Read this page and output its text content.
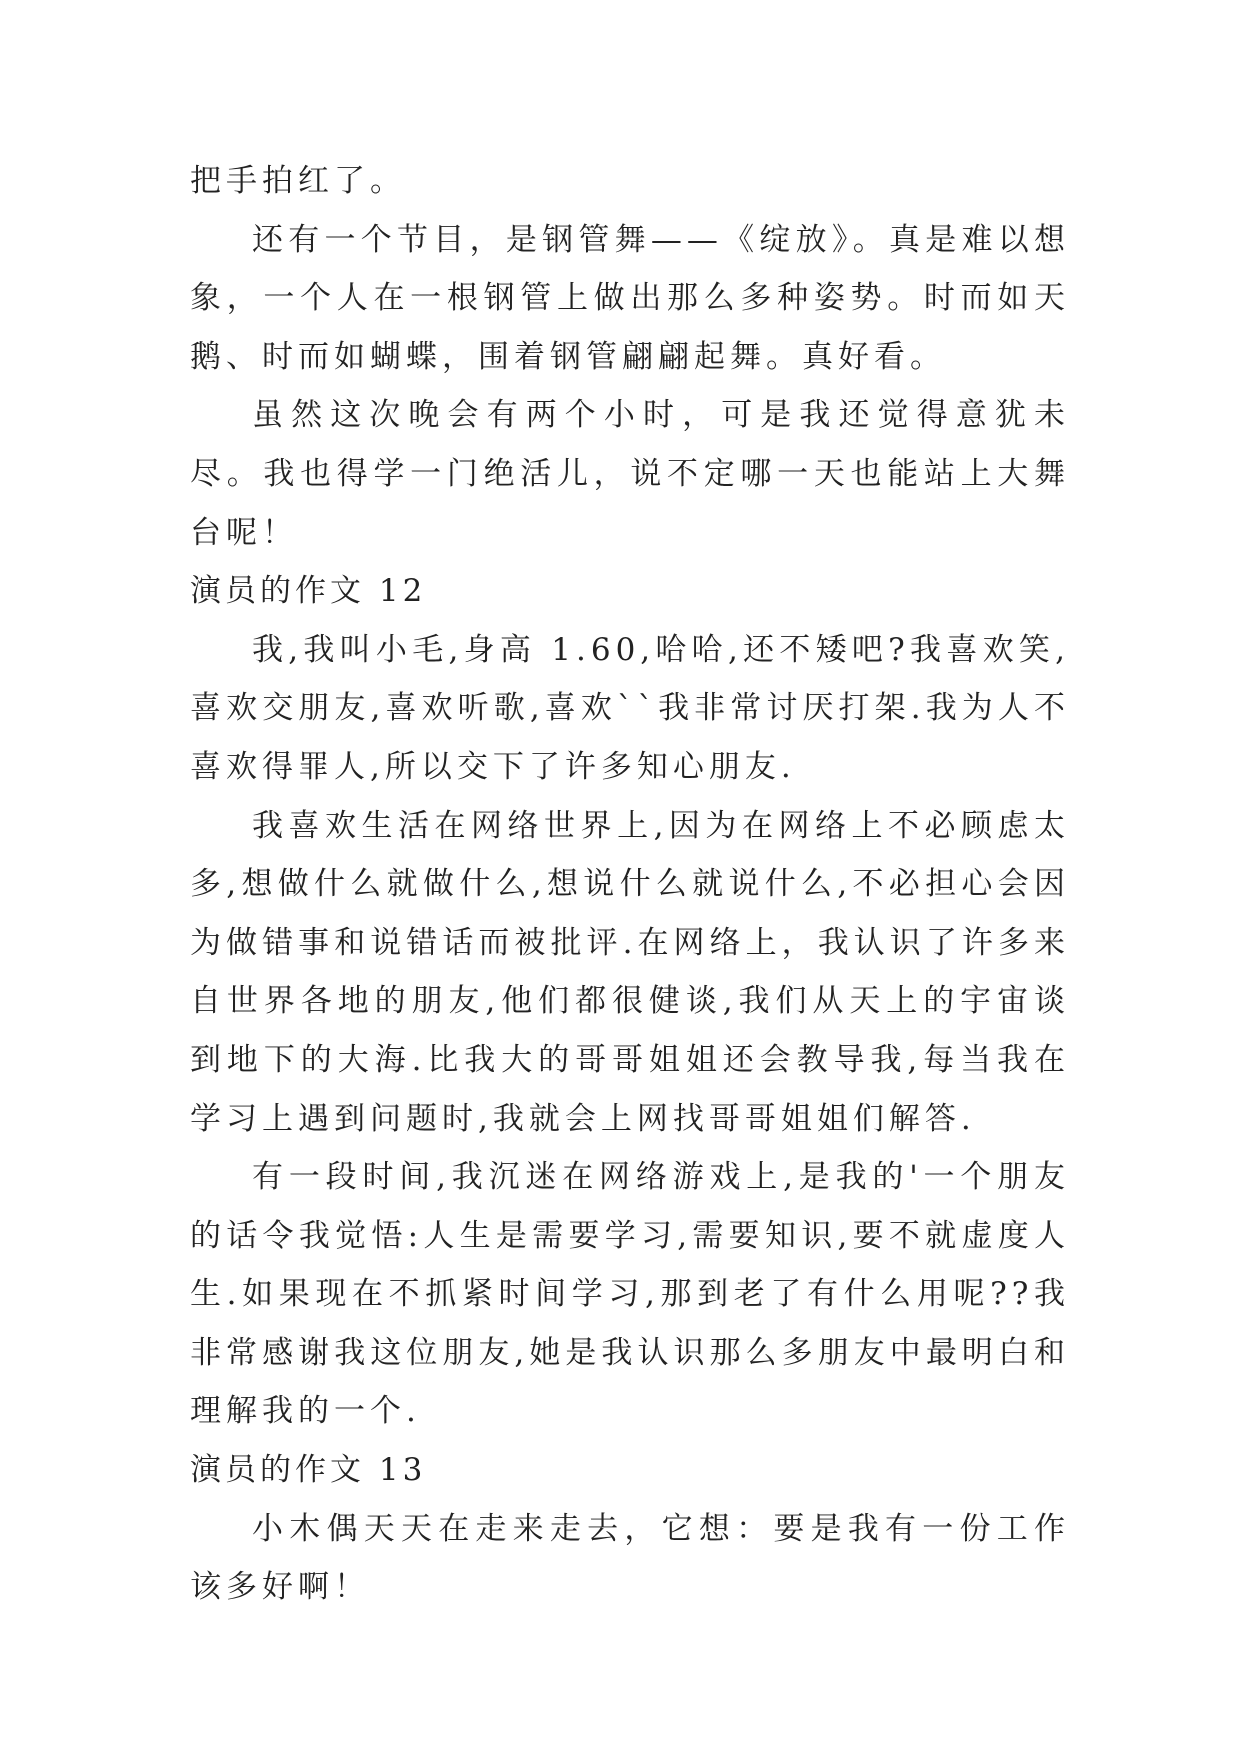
把手拍红了。

还有一个节目，是钢管舞——《绽放》。真是难以想象，一个人在一根钢管上做出那么多种姿势。时而如天鹅、时而如蝴蝶，围着钢管翩翩起舞。真好看。

虽然这次晚会有两个小时，可是我还觉得意犹未尽。我也得学一门绝活儿，说不定哪一天也能站上大舞台呢！

演员的作文 12

我,我叫小毛,身高 1.60,哈哈,还不矮吧?我喜欢笑,喜欢交朋友,喜欢听歌,喜欢``我非常讨厌打架.我为人不喜欢得罪人,所以交下了许多知心朋友.

我喜欢生活在网络世界上,因为在网络上不必顾虑太多,想做什么就做什么,想说什么就说什么,不必担心会因为做错事和说错话而被批评.在网络上，我认识了许多来自世界各地的朋友,他们都很健谈,我们从天上的宇宙谈到地下的大海.比我大的哥哥姐姐还会教导我,每当我在学习上遇到问题时,我就会上网找哥哥姐姐们解答.

有一段时间,我沉迷在网络游戏上,是我的'一个朋友的话令我觉悟:人生是需要学习,需要知识,要不就虚度人生.如果现在不抓紧时间学习,那到老了有什么用呢??我非常感谢我这位朋友,她是我认识那么多朋友中最明白和理解我的一个.

演员的作文 13

小木偶天天在走来走去，它想：要是我有一份工作该多好啊！
